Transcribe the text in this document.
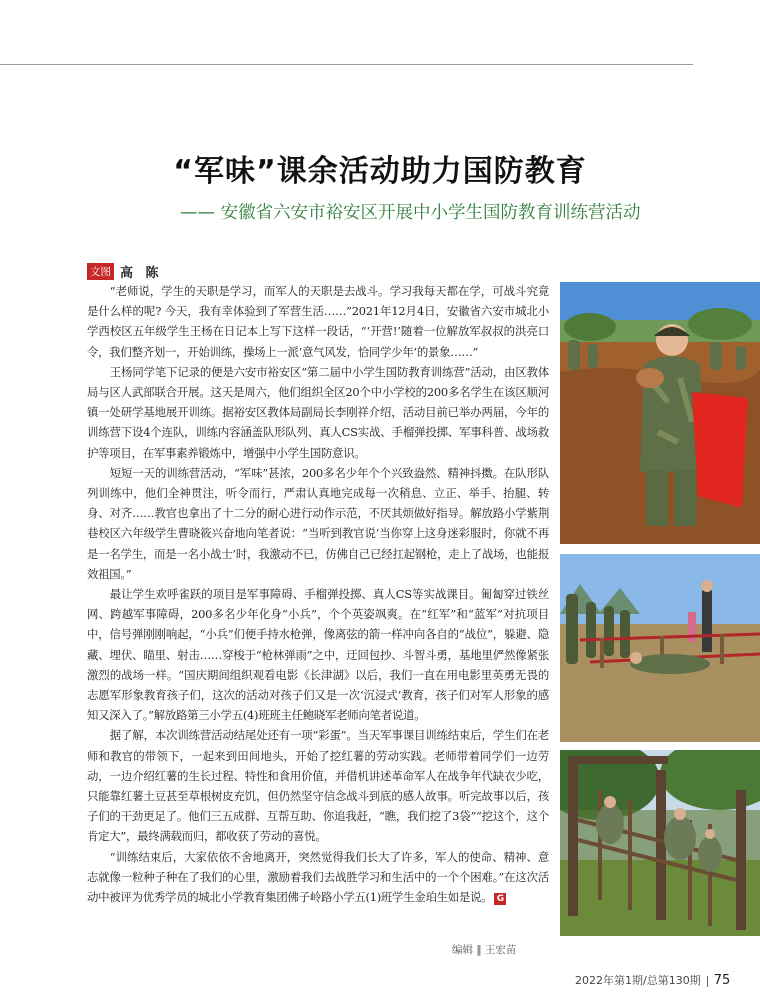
“军味”课余活动助力国防教育
—— 安徽省六安市裕安区开展中小学生国防教育训练营活动
文图 高 陈

“老师说，学生的天职是学习，而军人的天职是去战斗。学习我每天都在学，可战斗究竟是什么样的呢? 今天，我有幸体验到了军营生活……”2021年12月4日，安徽省六安市城北小学西校区五年级学生王杨在日记本上写下这样一段话，“‘开营!’随着一位解放军叔叔的洪亮口令，我们整齐划一，开始训练，操场上一派‘意气风发，恰同学少年’的景象……”

王杨同学笔下记录的便是六安市裕安区“第二届中小学生国防教育训练营”活动，由区教体局与区人武部联合开展。这天是周六，他们组织全区20个中小学校的200多名学生在该区顺河镇一处研学基地展开训练。据裕安区教体局副局长李刚祥介绍，活动目前已举办两届，今年的训练营下设4个连队，训练内容涵盖队形队列、真人CS实战、手榴弹投掷、军事科普、战场救护等项目，在军事素养锻炼中，增强中小学生国防意识。

短短一天的训练营活动，“军味”甚浓，200多名少年个个兴致盎然、精神抖擞。在队形队列训练中，他们全神贯注，听令而行，严肃认真地完成每一次稍息、立正、举手、抬腿、转身、对齐……教官也拿出了十二分的耐心进行动作示范，不厌其烦做好指导。解放路小学紫荆巷校区六年级学生曹晓筱兴奋地向笔者说：“当听到教官说‘当你穿上这身迷彩服时，你就不再是一名学生，而是一名小战士’时，我激动不已，仿佛自己已经扛起钢枪，走上了战场，也能报效祖国。”

最让学生欢呼雀跃的项目是军事障碍、手榴弹投掷、真人CS等实战课目。匍匐穿过铁丝网、跨越军事障碍，200多名少年化身“小兵”，个个英姿飒爽。在“红军”和“蓝军”对抗项目中，信号弹刚刚响起，“小兵”们便手持水枪弹，像离弦的箭一样冲向各自的“战位”，躲避、隐藏、埋伏、瞄里、射击……穿梭于“枪林弹雨”之中，迂回包抄、斗智斗勇，基地里俨然像紧张激烈的战场一样。“国庆期间组织观看电影《长津湖》以后，我们一直在用电影里英勇无畏的志愿军形象教育孩子们，这次的活动对孩子们又是一次‘沉浸式’教育，孩子们对军人形象的感知又深入了。”解放路第三小学五(4)班班主任鲍晓军老师向笔者说道。

据了解，本次训练营活动结尾处还有一项“彩蛋”。当天军事课目训练结束后，学生们在老师和教官的带领下，一起来到田间地头，开始了挖红薯的劳动实践。老师带着同学们一边劳动，一边介绍红薯的生长过程、特性和食用价值，并借机讲述革命军人在战争年代缺衣少吃，只能靠红薯土豆甚至草根树皮充饥，但仍然坚守信念战斗到底的感人故事。听完故事以后，孩子们的干劲更足了。他们三五成群、互帮互助、你追我赶，“瞧，我们挖了3袋”“挖这个，这个肯定大”，最终满载而归，都收获了劳动的喜悦。

“训练结束后，大家依依不舍地离开，突然觉得我们长大了许多，军人的使命、精神、意志就像一粒种子种在了我们的心里，激励着我们去战胜学习和生活中的一个个困难。”在这次活动中被评为优秀学员的城北小学教育集团佛子岭路小学五(1)班学生金珀生如是说。 G

编辑 ‖ 王宏苗
2022年第1期/总第130期 75
